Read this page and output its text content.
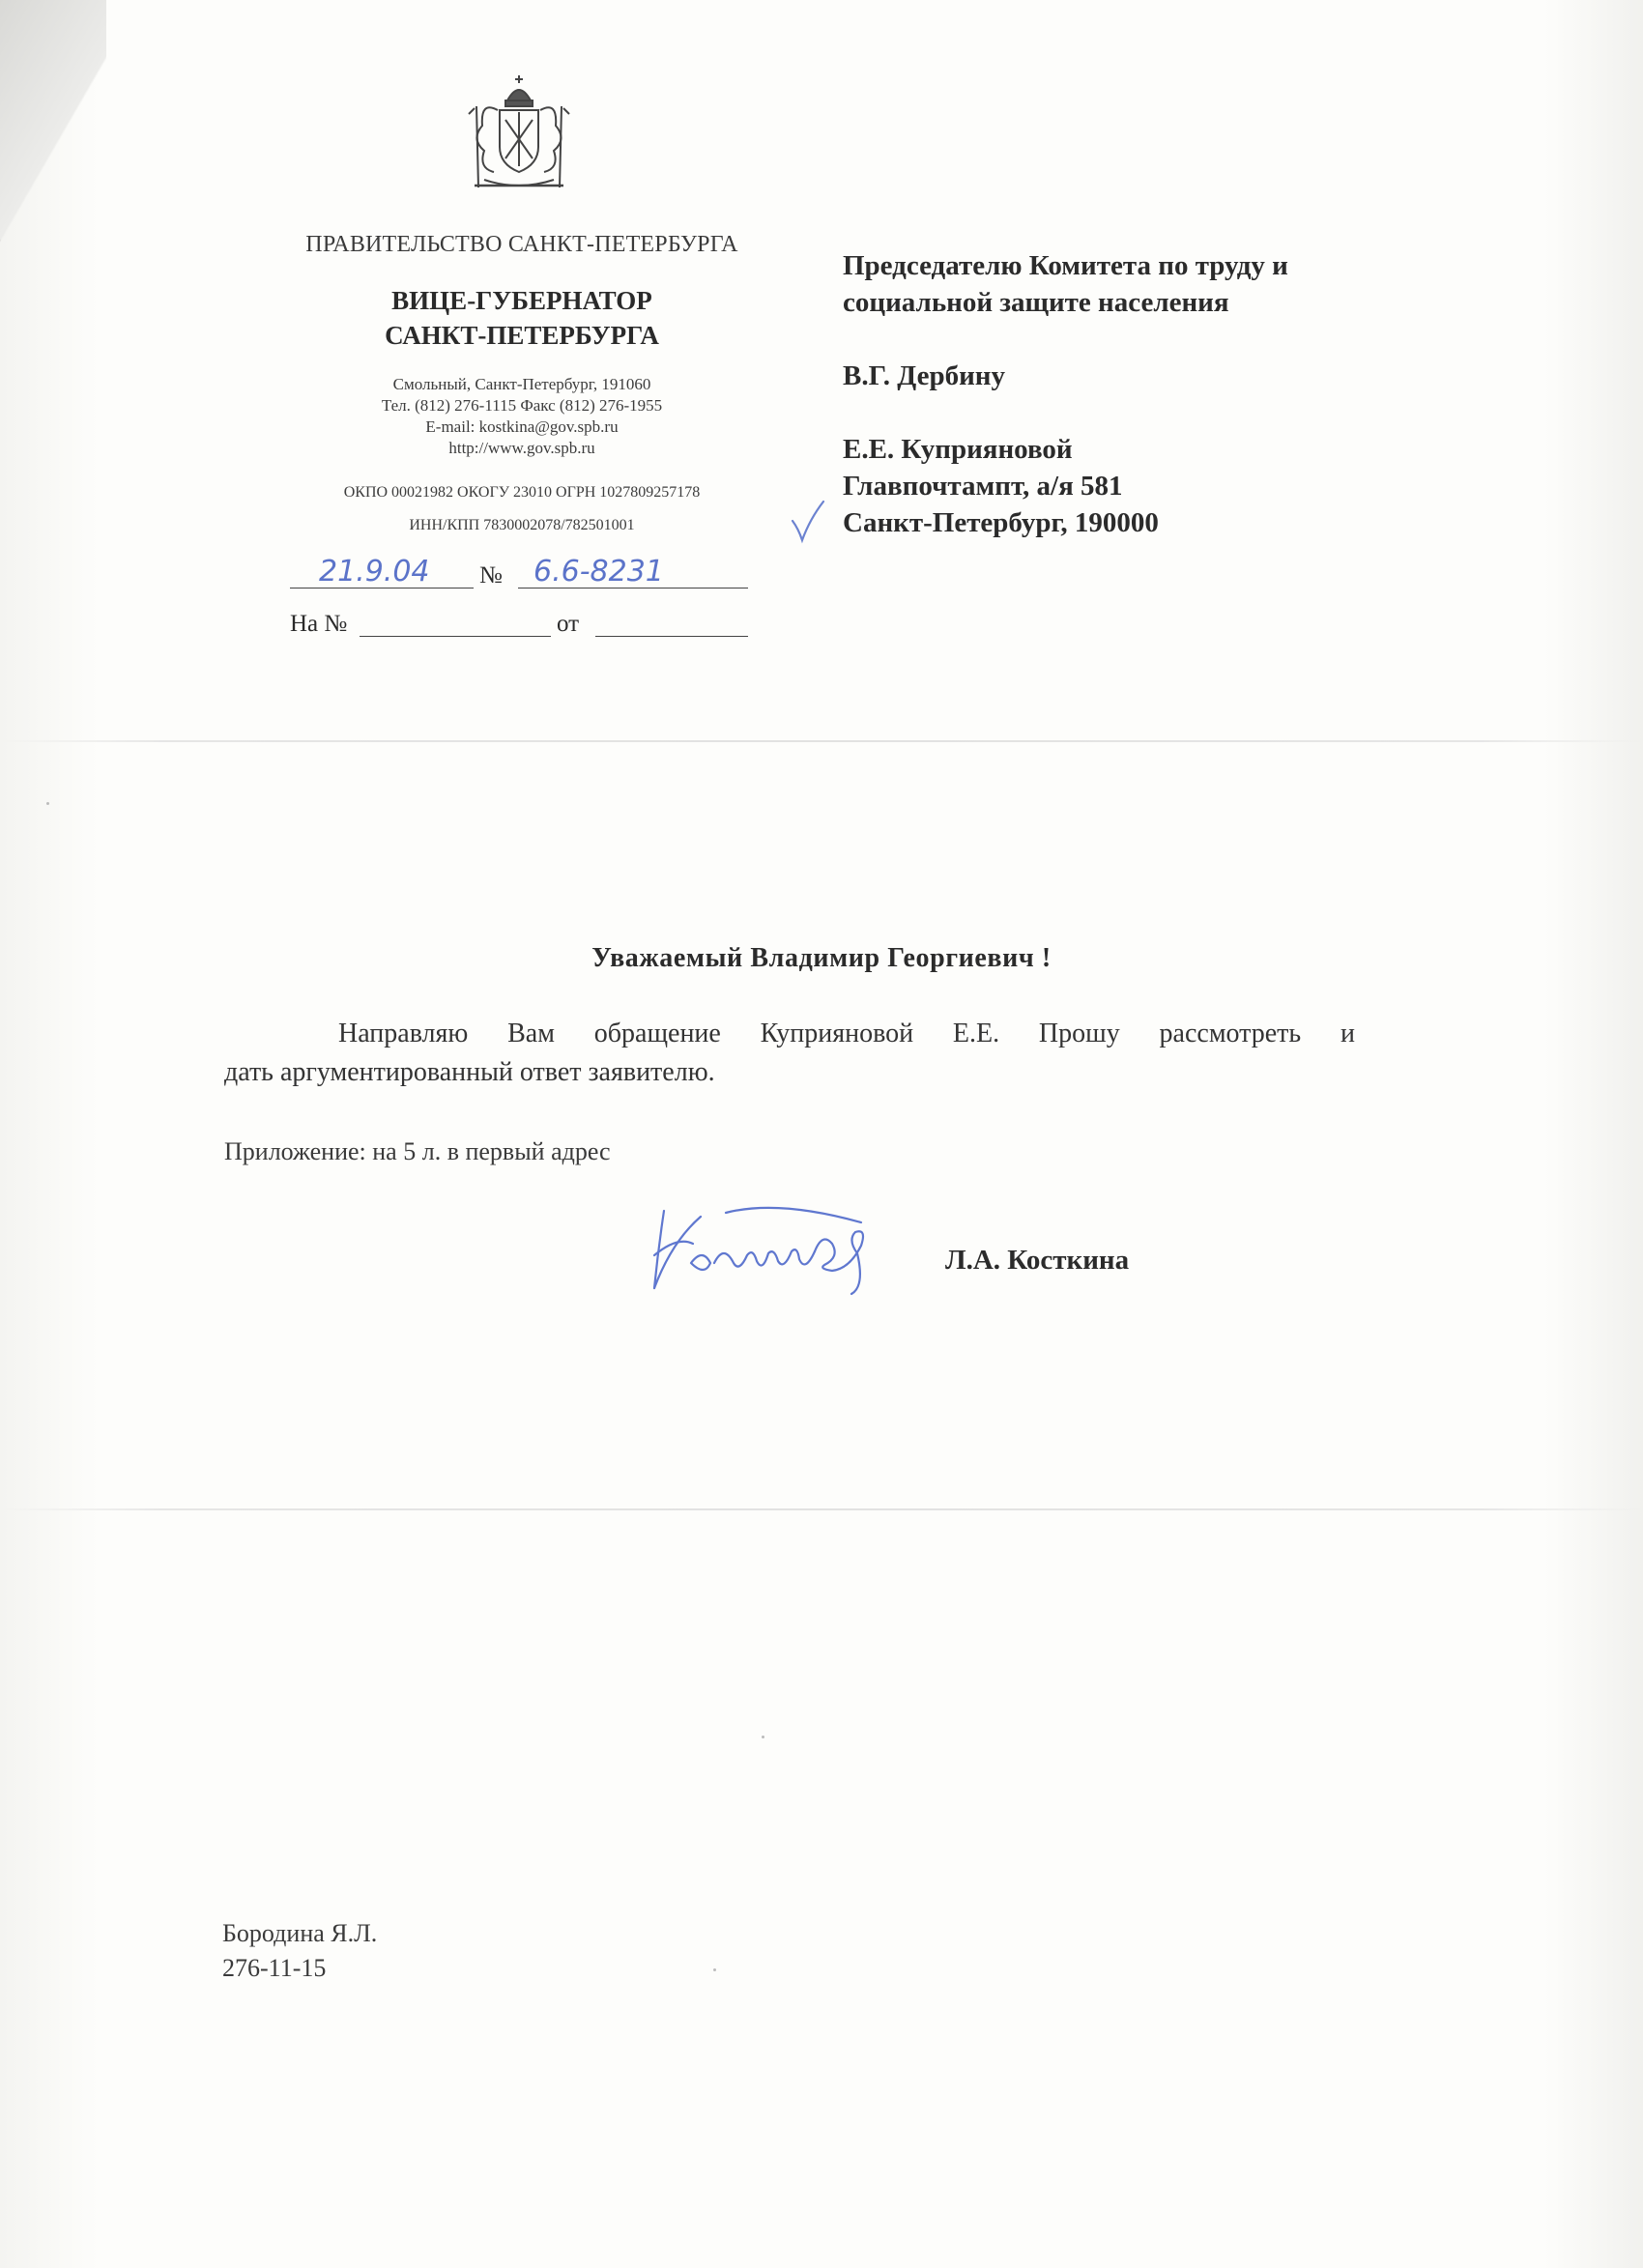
ПРАВИТЕЛЬСТВО САНКТ-ПЕТЕРБУРГА
ВИЦЕ-ГУБЕРНАТОР
САНКТ-ПЕТЕРБУРГА
Смольный, Санкт-Петербург, 191060
Тел. (812) 276-1115 Факс (812) 276-1955
E-mail: kostkina@gov.spb.ru
http://www.gov.spb.ru
ОКПО 00021982 ОКОГУ 23010 ОГРН 1027809257178
ИНН/КПП 7830002078/782501001
21.9.04 № 6.6-8231
На №	от
Председателю Комитета по труду и
социальной защите населения
В.Г. Дербину
Е.Е. Куприяновой
Главпочтампт, а/я 581
Санкт-Петербург, 190000
Уважаемый Владимир Георгиевич !
Направляю Вам обращение Куприяновой Е.Е. Прошу рассмотреть и
дать аргументированный ответ заявителю.
Приложение: на 5 л. в первый адрес
Л.А. Косткина
Бородина Я.Л.
276-11-15
